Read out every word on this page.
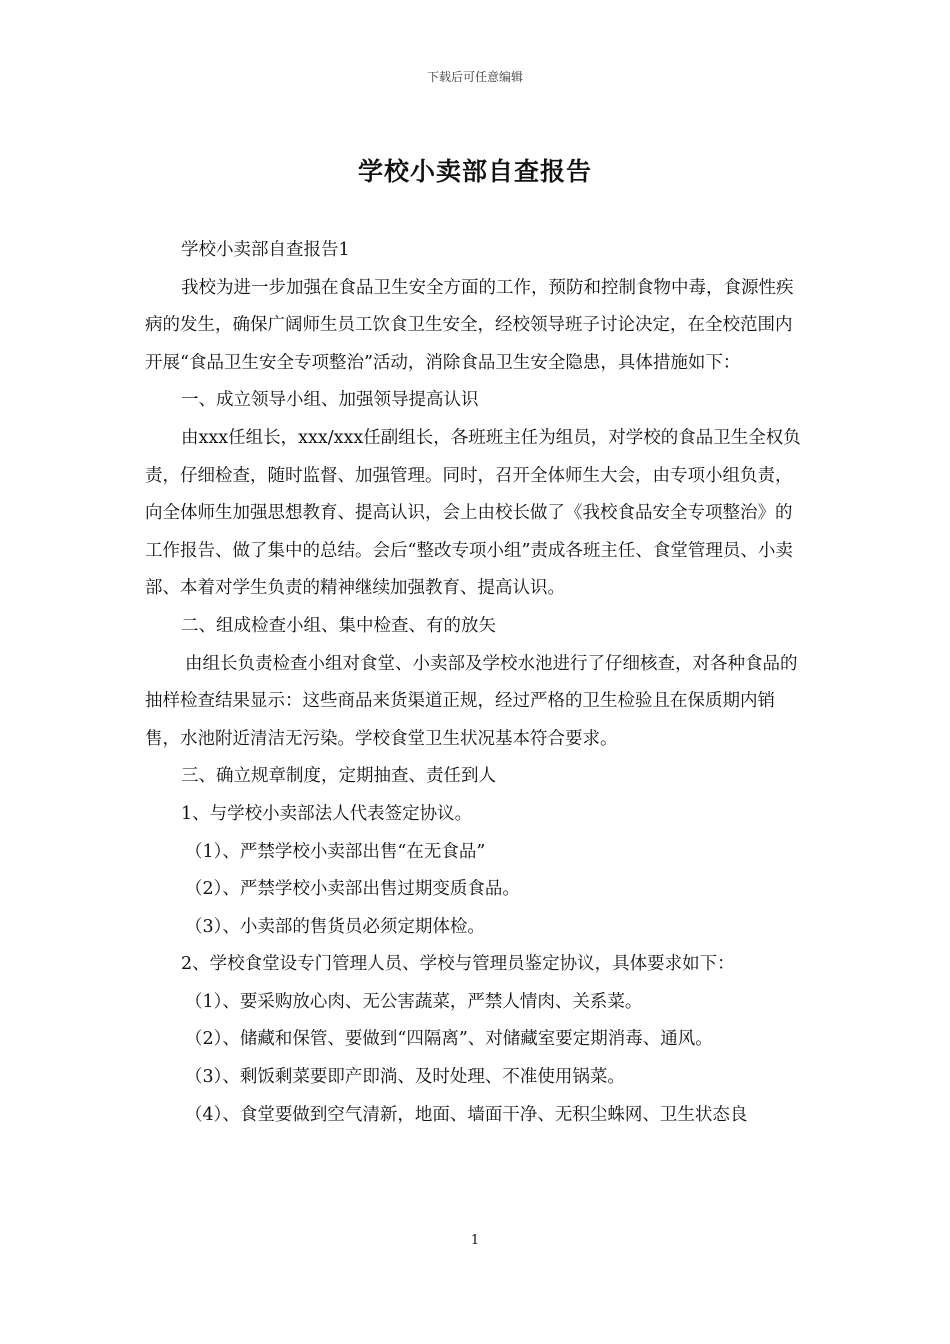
下载后可任意编辑
学校小卖部自查报告

学校小卖部自查报告1

我校为进一步加强在食品卫生安全方面的工作，预防和控制食物中毒，食源性疾病的发生，确保广阔师生员工饮食卫生安全，经校领导班子讨论决定，在全校范围内开展“食品卫生安全专项整治”活动，消除食品卫生安全隐患，具体措施如下：

一、成立领导小组、加强领导提高认识

由xxx任组长，xxx/xxx任副组长，各班班主任为组员，对学校的食品卫生全权负责，仔细检查，随时监督、加强管理。同时，召开全体师生大会，由专项小组负责，向全体师生加强思想教育、提高认识，会上由校长做了《我校食品安全专项整治》的工作报告、做了集中的总结。会后“整改专项小组”责成各班主任、食堂管理员、小卖部、本着对学生负责的精神继续加强教育、提高认识。

二、组成检查小组、集中检查、有的放矢

由组长负责检查小组对食堂、小卖部及学校水池进行了仔细核查，对各种食品的抽样检查结果显示：这些商品来货渠道正规，经过严格的卫生检验且在保质期内销售，水池附近清洁无污染。学校食堂卫生状况基本符合要求。

三、确立规章制度，定期抽查、责任到人

1、与学校小卖部法人代表签定协议。

（1）、严禁学校小卖部出售“在无食品”

（2）、严禁学校小卖部出售过期变质食品。

（3）、小卖部的售货员必须定期体检。

2、学校食堂设专门管理人员、学校与管理员鉴定协议，具体要求如下：

（1）、要采购放心肉、无公害蔬菜，严禁人情肉、关系菜。

（2）、储藏和保管、要做到“四隔离”、对储藏室要定期消毒、通风。

（3）、剩饭剩菜要即产即淌、及时处理、不准使用锅菜。

（4）、食堂要做到空气清新，地面、墙面干净、无积尘蛛网、卫生状态良

1
